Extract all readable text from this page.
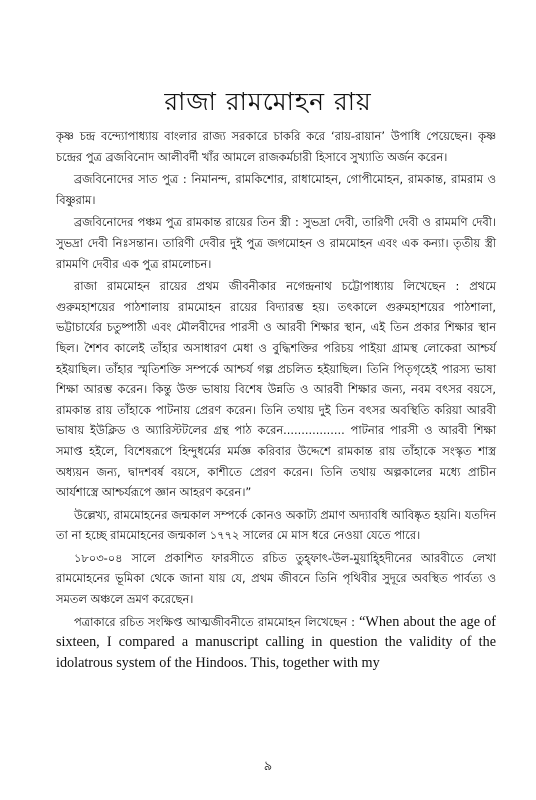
রাজা রামমোহন রায়

কৃষ্ণ চন্দ্র বন্দ্যোপাধ্যায় বাংলার রাজ্য সরকারে চাকরি করে ‘রায়-রায়ান’ উপাধি পেয়েছেন। কৃষ্ণ চন্দ্রের পুত্র ব্রজবিনোদ আলীবর্দী খাঁর আমলে রাজকর্মচারী হিসাবে সুখ্যাতি অর্জন করেন।

ব্রজবিনোদের সাত পুত্র : নিমানন্দ, রামকিশোর, রাধামোহন, গোপীমোহন, রামকান্ত, রামরাম ও বিষ্ণুরাম।

ব্রজবিনোদের পঞ্চম পুত্র রামকান্ত রায়ের তিন স্ত্রী : সুভদ্রা দেবী, তারিণী দেবী ও রামমণি দেবী। সুভদ্রা দেবী নিঃসন্তান। তারিণী দেবীর দুই পুত্র জগমোহন ও রামমোহন এবং এক কন্যা। তৃতীয় স্ত্রী রামমণি দেবীর এক পুত্র রামলোচন।

রাজা রামমোহন রায়ের প্রথম জীবনীকার নগেন্দ্রনাথ চট্টোপাধ্যায় লিখেছেন : প্রথমে গুরুমহাশয়ের পাঠশালায় রামমোহন রায়ের বিদ্যারম্ভ হয়। তৎকালে গুরুমহাশয়ের পাঠশালা, ভট্টাচার্যের চতুষ্পাঠী এবং মৌলবীদের পারসী ও আরবী শিক্ষার স্থান, এই তিন প্রকার শিক্ষার স্থান ছিল। শৈশব কালেই তাঁহার অসাধারণ মেধা ও বুদ্ধিশক্তির পরিচয় পাইয়া গ্রামস্থ লোকেরা আশ্চর্য হইয়াছিল। তাঁহার স্মৃতিশক্তি সম্পর্কে আশ্চর্য গল্প প্রচলিত হইয়াছিল। তিনি পিতৃগৃহেই পারস্য ভাষা শিক্ষা আরম্ভ করেন। কিন্তু উক্ত ভাষায় বিশেষ উন্নতি ও আরবী শিক্ষার জন্য, নবম বৎসর বয়সে, রামকান্ত রায় তাঁহাকে পাটনায় প্রেরণ করেন। তিনি তথায় দুই তিন বৎসর অবস্থিতি করিয়া আরবী ভাষায় ইউক্লিড ও অ্যারিস্টটলের গ্রন্থ পাঠ করেন................. পাটনার পারসী ও আরবী শিক্ষা সমাপ্ত হইলে, বিশেষরূপে হিন্দুধর্মের মর্মজ্ঞ করিবার উদ্দেশে রামকান্ত রায় তাঁহাকে সংস্কৃত শাস্ত্র অধ্যয়ন জন্য, দ্বাদশবর্ষ বয়সে, কাশীতে প্রেরণ করেন। তিনি তথায় অল্পকালের মধ্যে প্রাচীন আর্যশাস্ত্রে আশ্চর্যরূপে জ্ঞান আহরণ করেন।”

উল্লেখ্য, রামমোহনের জন্মকাল সম্পর্কে কোনও অকাট্য প্রমাণ অদ্যাবধি আবিষ্কৃত হয়নি। যতদিন তা না হচ্ছে রামমোহনের জন্মকাল ১৭৭২ সালের মে মাস ধরে নেওয়া যেতে পারে।

১৮০৩-০৪ সালে প্রকাশিত ফারসীতে রচিত তুহ্ফাৎ-উল-মুয়াহ্হিদীনের আরবীতে লেখা রামমোহনের ভূমিকা থেকে জানা যায় যে, প্রথম জীবনে তিনি পৃথিবীর সুদূরে অবস্থিত পার্বত্য ও সমতল অঞ্চলে ভ্রমণ করেছেন।

পত্রাকারে রচিত সংক্ষিপ্ত আত্মজীবনীতে রামমোহন লিখেছেন : “When about the age of sixteen, I compared a manuscript calling in question the validity of the idolatrous system of the Hindoos. This, together with my

৯
